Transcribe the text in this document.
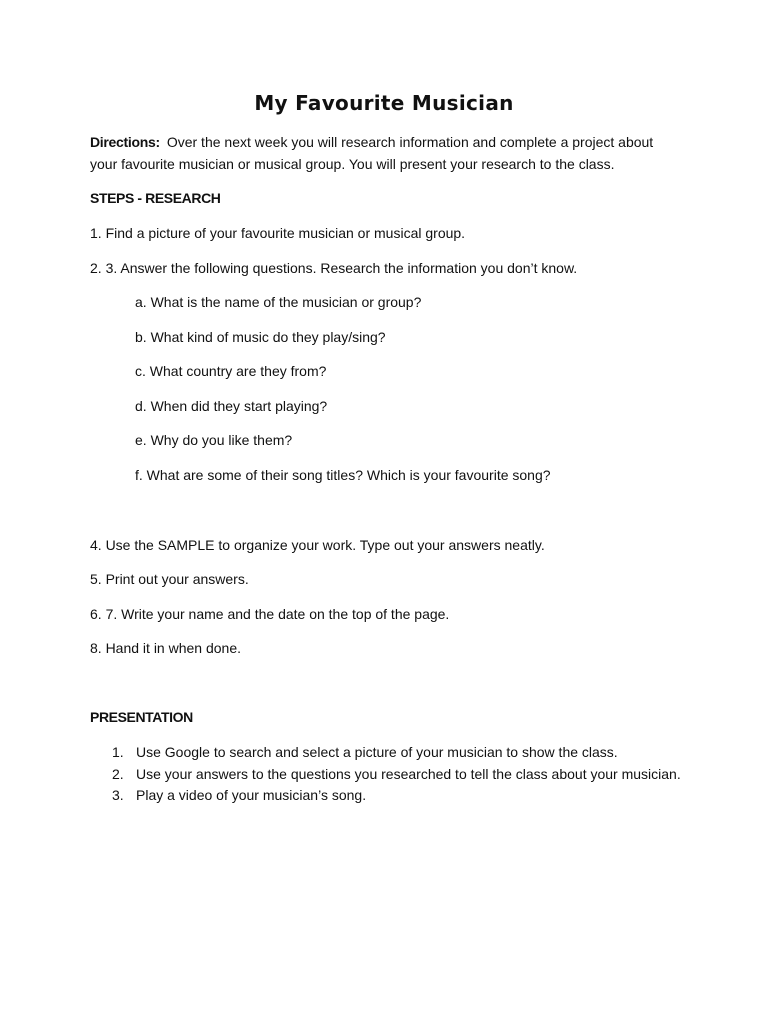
My Favourite Musician
Directions: Over the next week you will research information and complete a project about
your favourite musician or musical group. You will present your research to the class.
STEPS - RESEARCH
1. Find a picture of your favourite musician or musical group.
2. 3. Answer the following questions. Research the information you don’t know.
a. What is the name of the musician or group?
b. What kind of music do they play/sing?
c. What country are they from?
d. When did they start playing?
e. Why do you like them?
f. What are some of their song titles? Which is your favourite song?
4. Use the SAMPLE to organize your work. Type out your answers neatly.
5. Print out your answers.
6. 7. Write your name and the date on the top of the page.
8. Hand it in when done.
PRESENTATION
1. Use Google to search and select a picture of your musician to show the class.
2. Use your answers to the questions you researched to tell the class about your musician.
3. Play a video of your musician’s song.
